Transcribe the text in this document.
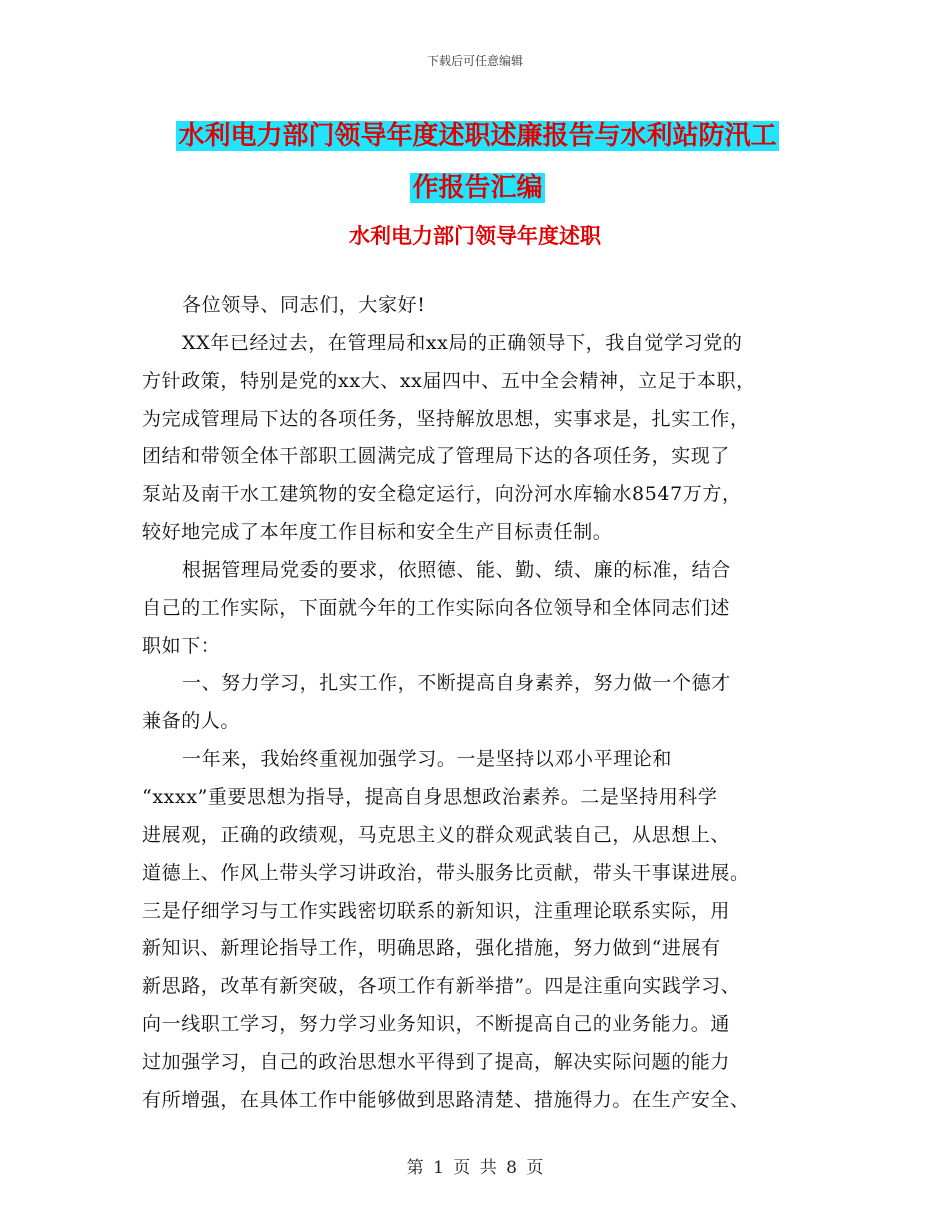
下载后可任意编辑
水利电力部门领导年度述职述廉报告与水利站防汛工
作报告汇编
水利电力部门领导年度述职
各位领导、同志们，大家好!
XX年已经过去，在管理局和xx局的正确领导下，我自觉学习党的
方针政策，特别是党的xx大、xx届四中、五中全会精神，立足于本职，
为完成管理局下达的各项任务，坚持解放思想，实事求是，扎实工作，
团结和带领全体干部职工圆满完成了管理局下达的各项任务，实现了
泵站及南干水工建筑物的安全稳定运行，向汾河水库输水8547万方，
较好地完成了本年度工作目标和安全生产目标责任制。
根据管理局党委的要求，依照德、能、勤、绩、廉的标准，结合
自己的工作实际，下面就今年的工作实际向各位领导和全体同志们述
职如下：
一、努力学习，扎实工作，不断提高自身素养，努力做一个德才
兼备的人。
一年来，我始终重视加强学习。一是坚持以邓小平理论和
“xxxx”重要思想为指导，提高自身思想政治素养。二是坚持用科学
进展观，正确的政绩观，马克思主义的群众观武装自己，从思想上、
道德上、作风上带头学习讲政治，带头服务比贡献，带头干事谋进展。
三是仔细学习与工作实践密切联系的新知识，注重理论联系实际，用
新知识、新理论指导工作，明确思路，强化措施，努力做到“进展有
新思路，改革有新突破，各项工作有新举措”。四是注重向实践学习、
向一线职工学习，努力学习业务知识，不断提高自己的业务能力。通
过加强学习，自己的政治思想水平得到了提高，解决实际问题的能力
有所增强，在具体工作中能够做到思路清楚、措施得力。在生产安全、
第 1 页 共 8 页
